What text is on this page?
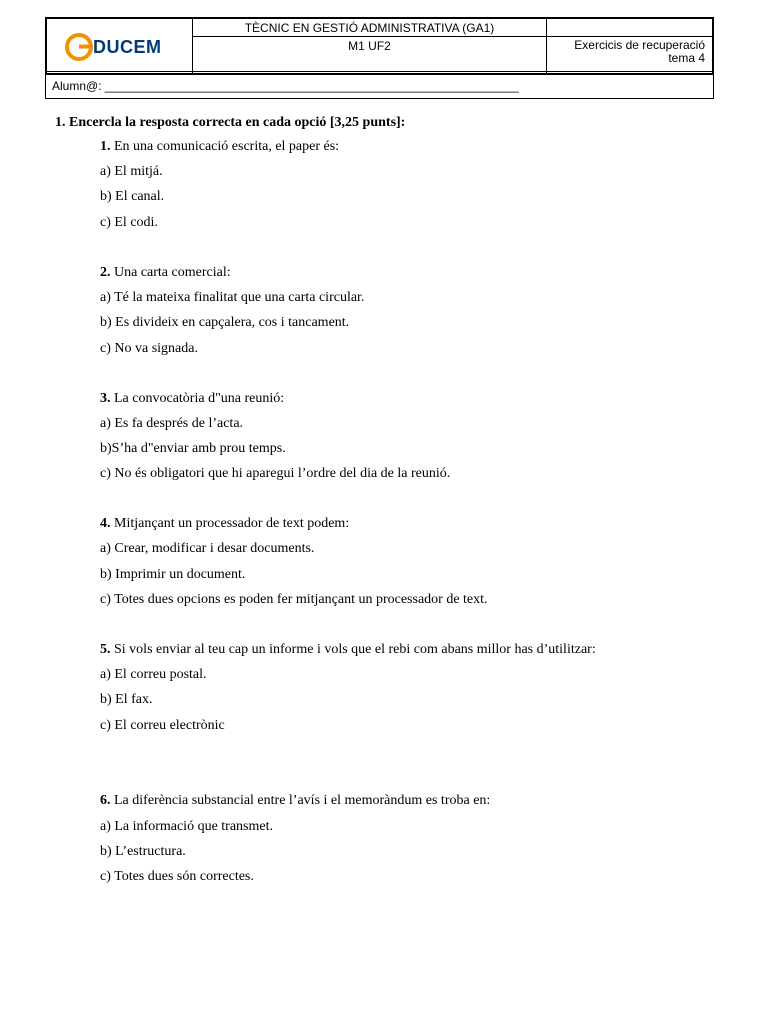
DUCEM	TÈCNIC EN GESTIÓ ADMINISTRATIVA (GA1)	
	M1 UF2	Exercicis de recuperació
tema 4
Alumn@: ______________________________________________________________
1. Encercla la resposta correcta en cada opció [3,25 punts]:
1. En una comunicació escrita, el paper és:
a) El mitjá.
b) El canal.
c) El codi.
2. Una carta comercial:
a) Té la mateixa finalitat que una carta circular.
b) Es divideix en capçalera, cos i tancament.
c) No va signada.
3. La convocatòria d"una reunió:
a) Es fa després de l’acta.
b)S’ha d"enviar amb prou temps.
c) No és obligatori que hi aparegui l’ordre del dia de la reunió.
4. Mitjançant un processador de text podem:
a) Crear, modificar i desar documents.
b) Imprimir un document.
c) Totes dues opcions es poden fer mitjançant un processador de text.
5. Si vols enviar al teu cap un informe i vols que el rebi com abans millor has d’utilitzar:
a) El correu postal.
b) El fax.
c) El correu electrònic
6. La diferència substancial entre l’avís i el memoràndum es troba en:
a) La informació que transmet.
b) L’estructura.
c) Totes dues són correctes.
